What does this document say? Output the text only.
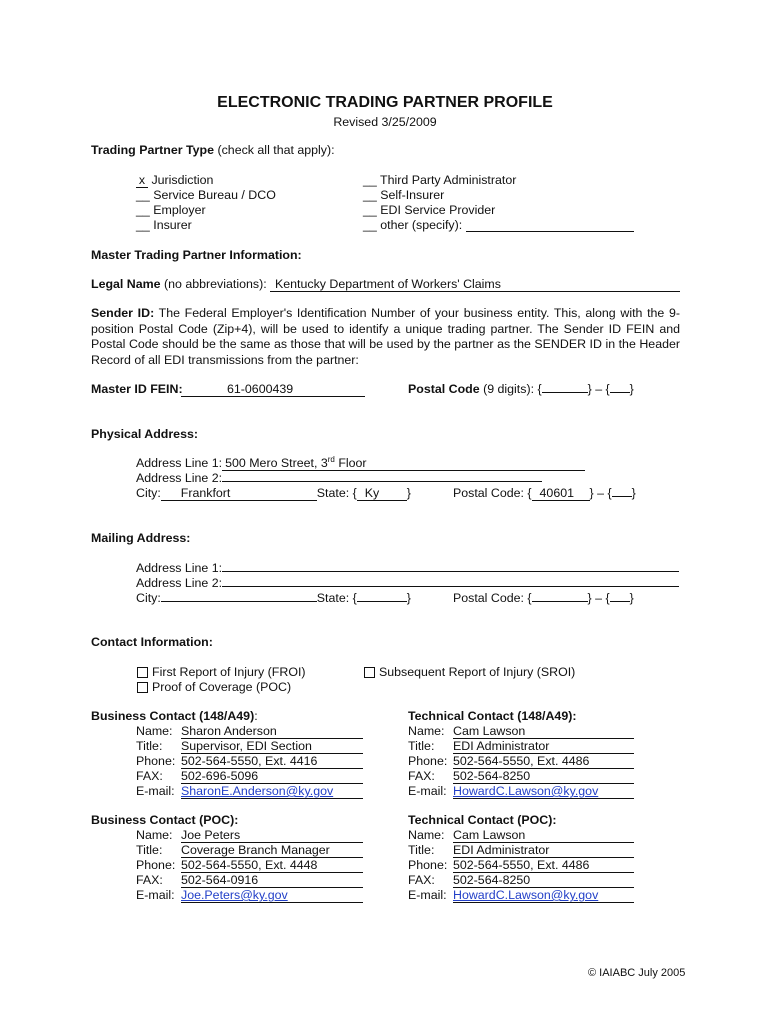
ELECTRONIC TRADING PARTNER PROFILE
Revised 3/25/2009
Trading Partner Type (check all that apply):
x Jurisdiction
__ Service Bureau / DCO
__ Employer
__ Insurer
__ Third Party Administrator
__ Self-Insurer
__ EDI Service Provider
__ other (specify):
Master Trading Partner Information:
Legal Name (no abbreviations): Kentucky Department of Workers' Claims
Sender ID: The Federal Employer's Identification Number of your business entity. This, along with the 9-position Postal Code (Zip+4), will be used to identify a unique trading partner. The Sender ID FEIN and Postal Code should be the same as those that will be used by the partner as the SENDER ID in the Header Record of all EDI transmissions from the partner:
Master ID FEIN:	61-0600439	Postal Code (9 digits): {	} – { }
Physical Address:
Address Line 1: 500 Mero Street, 3rd Floor
Address Line 2:
City: Frankfort	State: { Ky }	Postal Code: { 40601 } – { }
Mailing Address:
Address Line 1:
Address Line 2:
City:	State: {	}	Postal Code: {	} – { }
Contact Information:
First Report of Injury (FROI)	Subsequent Report of Injury (SROI)
Proof of Coverage (POC)
Business Contact (148/A49):
Name: Sharon Anderson
Title: Supervisor, EDI Section
Phone: 502-564-5550, Ext. 4416
FAX: 502-696-5096
E-mail: SharonE.Anderson@ky.gov
Technical Contact (148/A49):
Name: Cam Lawson
Title: EDI Administrator
Phone: 502-564-5550, Ext. 4486
FAX: 502-564-8250
E-mail: HowardC.Lawson@ky.gov
Business Contact (POC):
Name: Joe Peters
Title: Coverage Branch Manager
Phone: 502-564-5550, Ext. 4448
FAX: 502-564-0916
E-mail: Joe.Peters@ky.gov
Technical Contact (POC):
Name: Cam Lawson
Title: EDI Administrator
Phone: 502-564-5550, Ext. 4486
FAX: 502-564-8250
E-mail: HowardC.Lawson@ky.gov
© IAIABC July 2005
